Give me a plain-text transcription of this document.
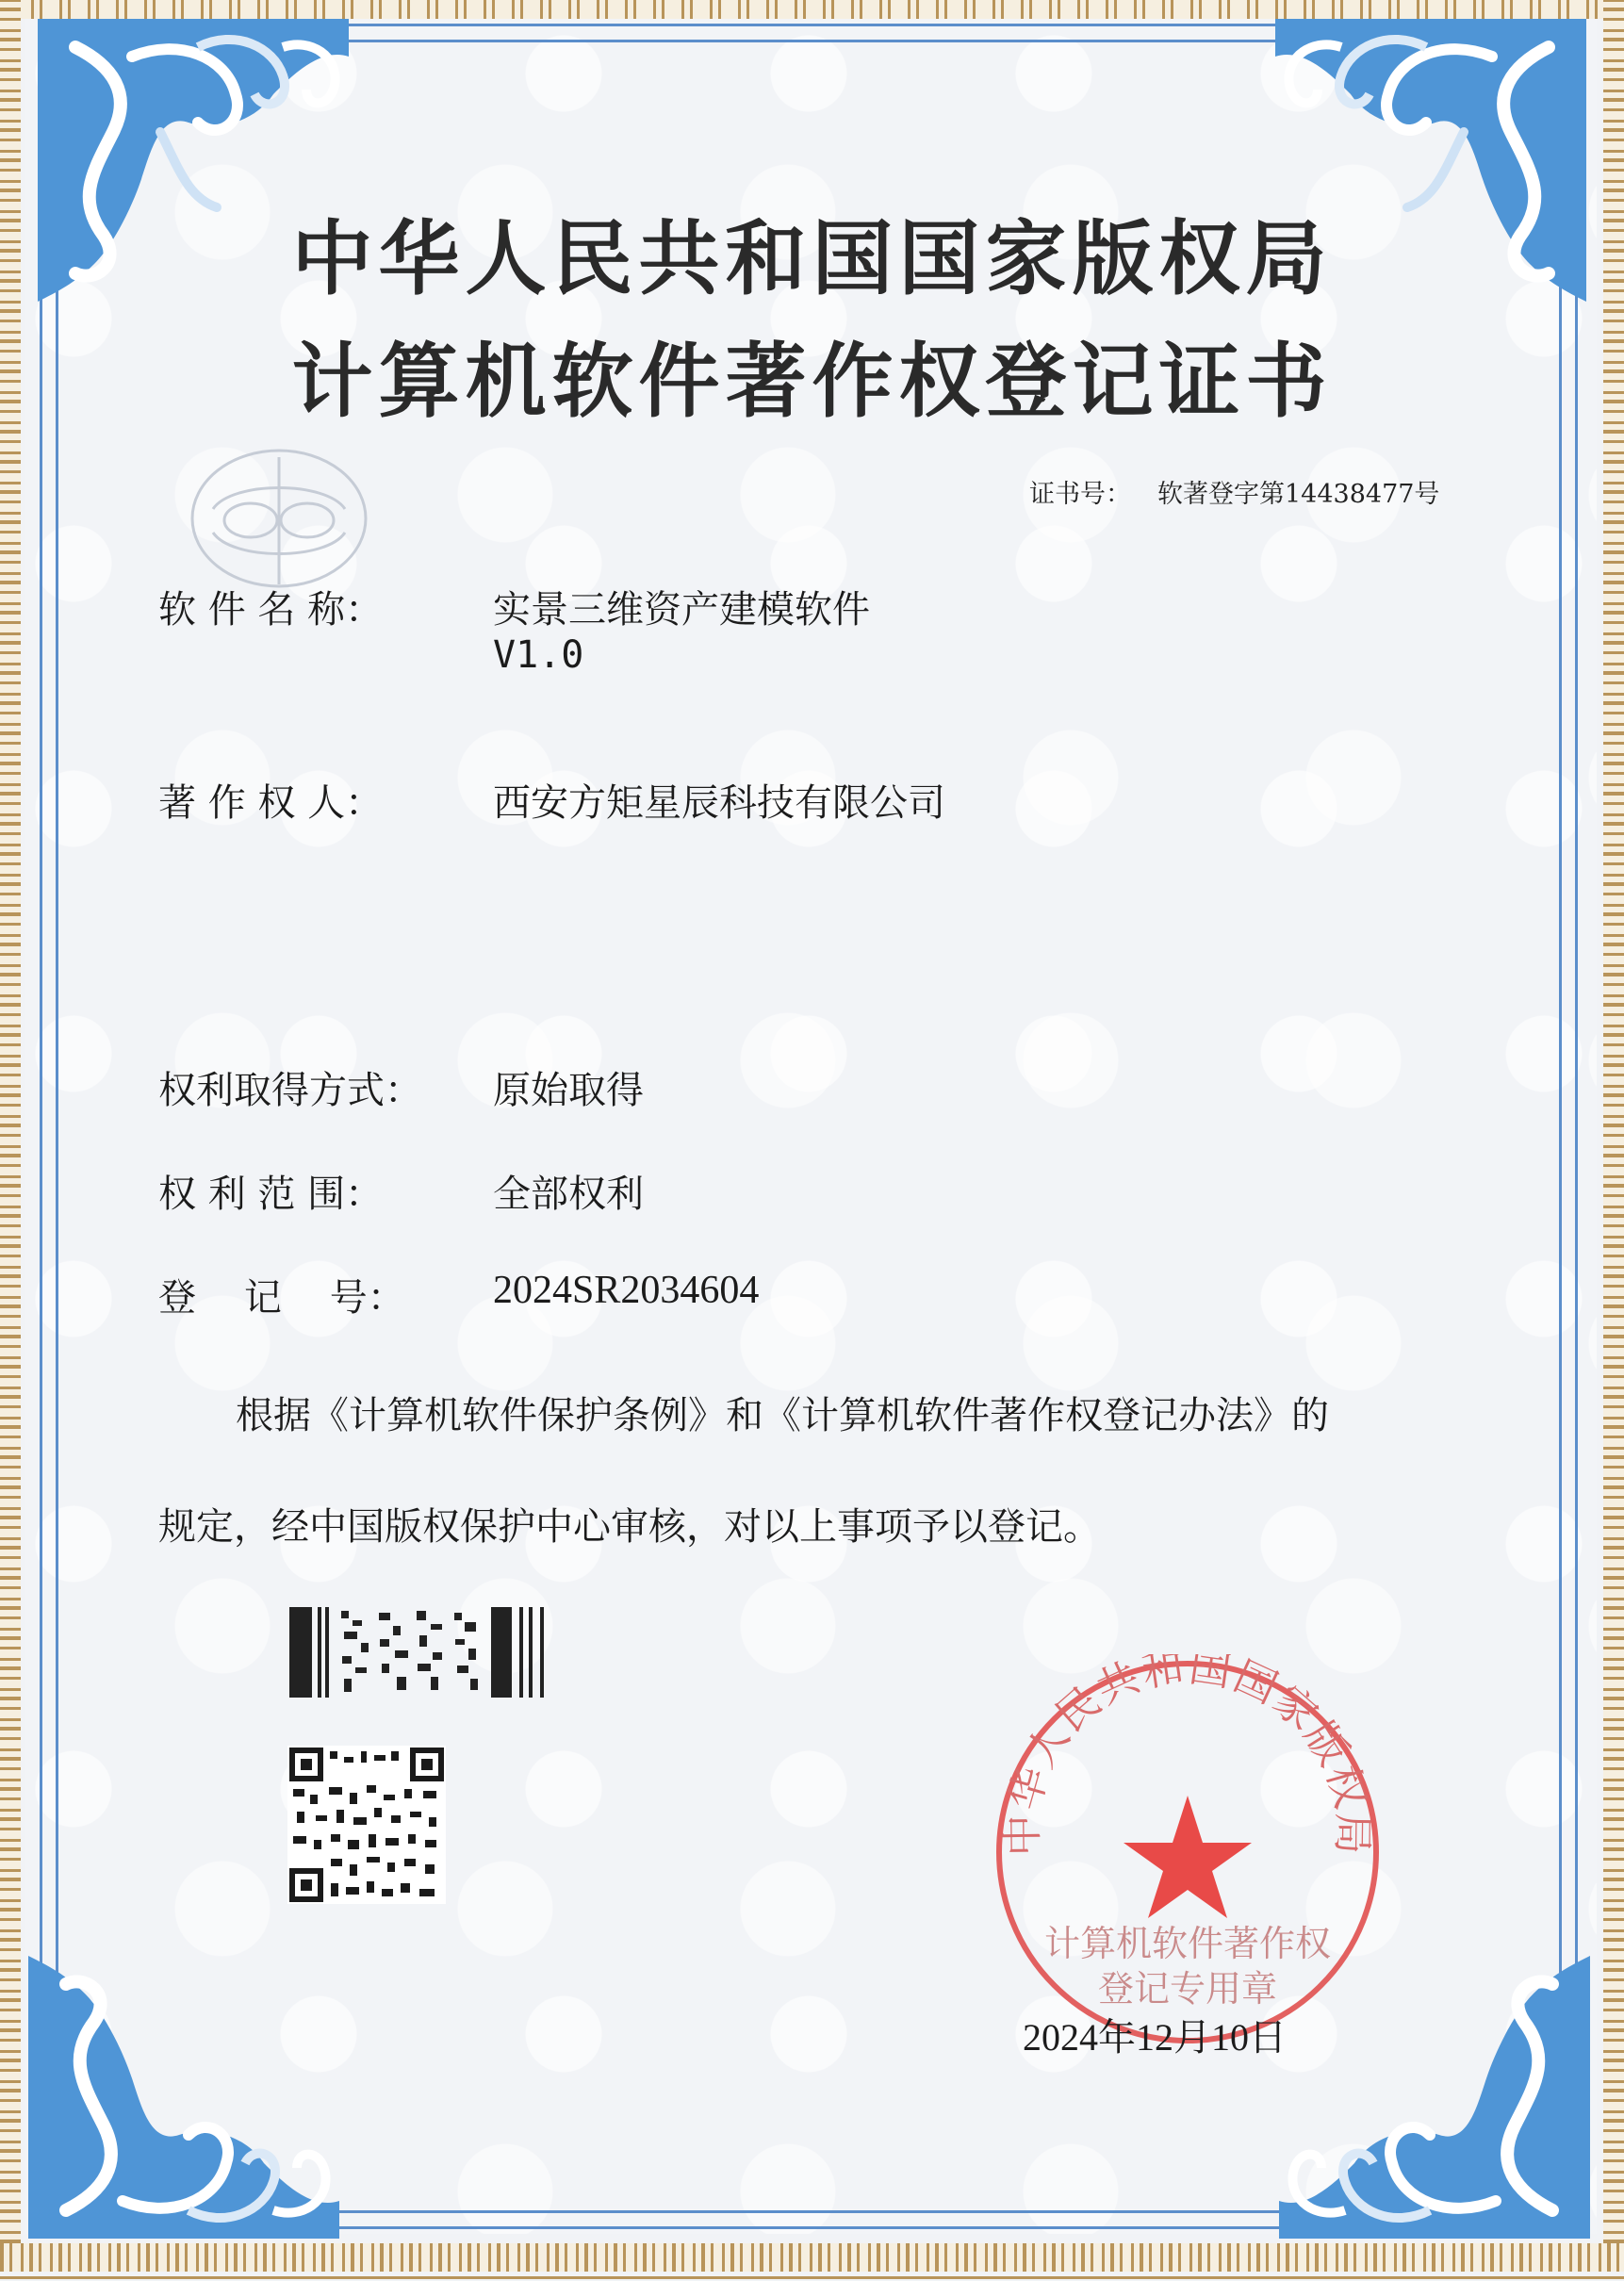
中华人民共和国国家版权局
计算机软件著作权登记证书
证书号： 软著登字第14438477号
软 件 名 称：	实景三维资产建模软件
V1.0
著 作 权 人：	西安方矩星辰科技有限公司
权利取得方式：	原始取得
权 利 范 围：	全部权利
登    记    号：	2024SR2034604
根据《计算机软件保护条例》和《计算机软件著作权登记办法》的
规定，经中国版权保护中心审核，对以上事项予以登记。
中华人民共和国国家版权局
计算机软件著作权
登记专用章
2024年12月10日
